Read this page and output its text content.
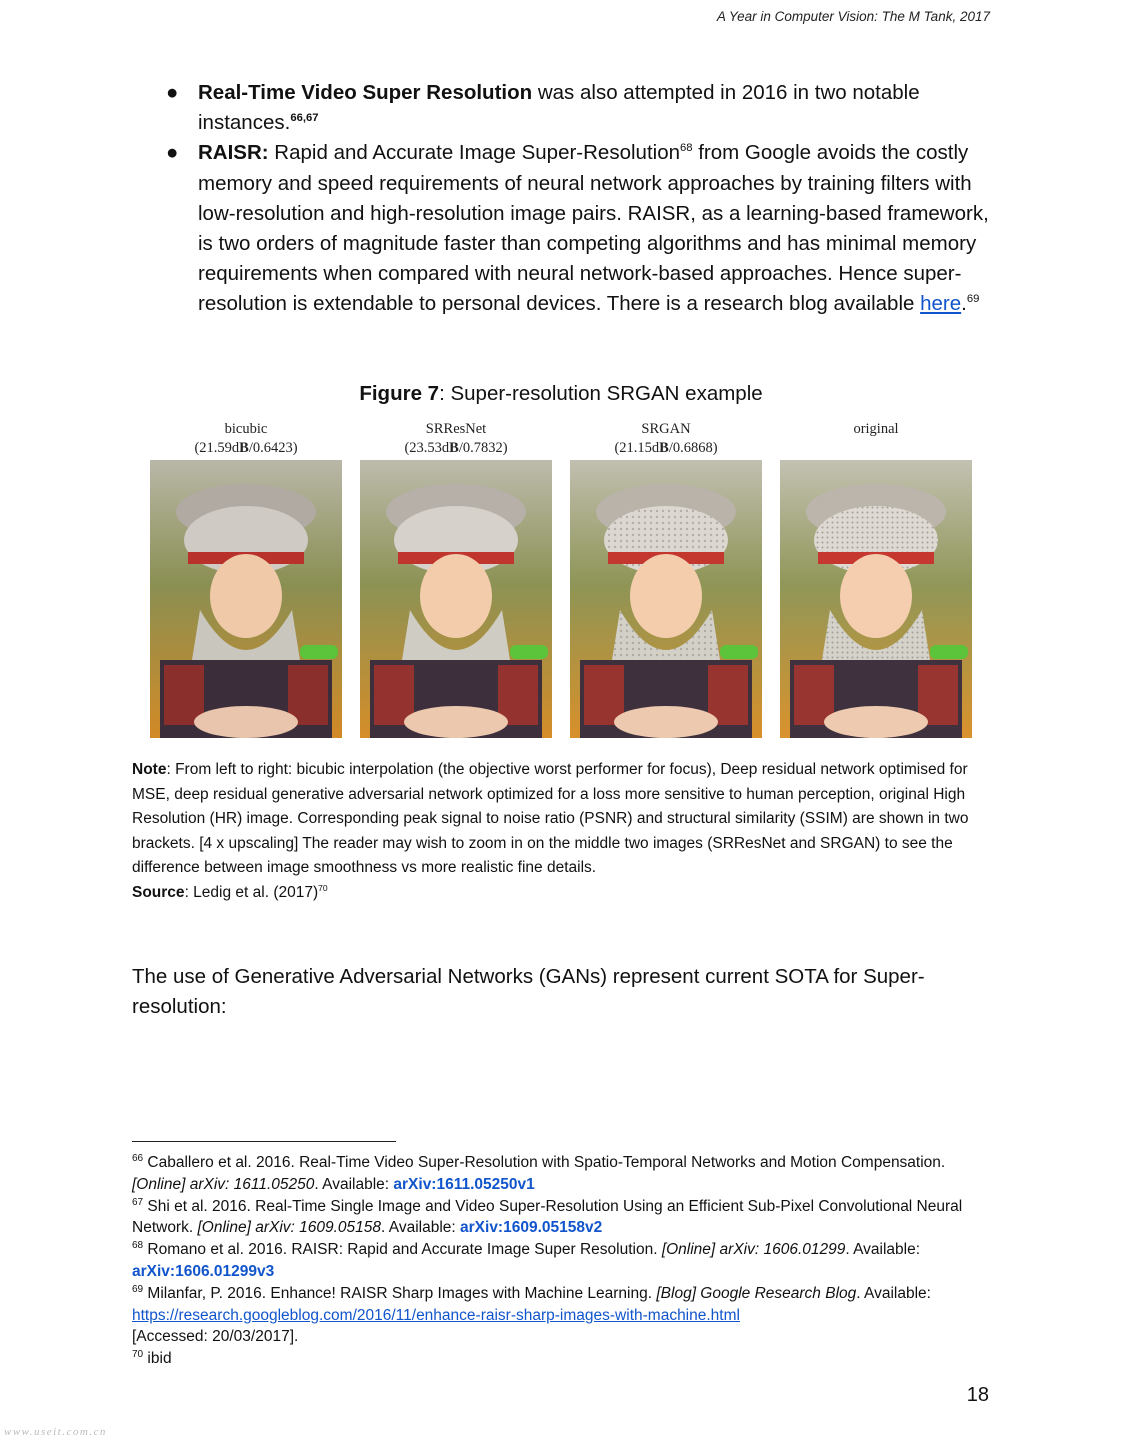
A Year in Computer Vision: The M Tank, 2017
● Real-Time Video Super Resolution was also attempted in 2016 in two notable instances.$^{66,67}$
● RAISR: Rapid and Accurate Image Super-Resolution$^{68}$ from Google avoids the costly memory and speed requirements of neural network approaches by training filters with low-resolution and high-resolution image pairs. RAISR, as a learning-based framework, is two orders of magnitude faster than competing algorithms and has minimal memory requirements when compared with neural network-based approaches. Hence super-resolution is extendable to personal devices. There is a research blog available here.$^{69}$
Figure 7: Super-resolution SRGAN example
bicubic
(21.59dB/0.6423)
SRResNet
(23.53dB/0.7832)
SRGAN
(21.15dB/0.6868)
original
Note: From left to right: bicubic interpolation (the objective worst performer for focus), Deep residual network optimised for MSE, deep residual generative adversarial network optimized for a loss more sensitive to human perception, original High Resolution (HR) image. Corresponding peak signal to noise ratio (PSNR) and structural similarity (SSIM) are shown in two brackets. [4 x upscaling] The reader may wish to zoom in on the middle two images (SRResNet and SRGAN) to see the difference between image smoothness vs more realistic fine details.
Source: Ledig et al. $(2017)^{70}$
The use of Generative Adversarial Networks (GANs) represent current SOTA for Super-resolution:
$^{66}$ Caballero et al. 2016. Real-Time Video Super-Resolution with Spatio-Temporal Networks and Motion Compensation. [Online] arXiv: 1611.05250. Available: arXiv:1611.05250v1
$^{67}$ Shi et al. 2016. Real-Time Single Image and Video Super-Resolution Using an Efficient Sub-Pixel Convolutional Neural Network. [Online] arXiv: 1609.05158. Available: arXiv:1609.05158v2
$^{68}$ Romano et al. 2016. RAISR: Rapid and Accurate Image Super Resolution. [Online] arXiv: 1606.01299. Available: arXiv:1606.01299v3
$^{69}$ Milanfar, P. 2016. Enhance! RAISR Sharp Images with Machine Learning. [Blog] Google Research Blog. Available: https://research.googleblog.com/2016/11/enhance-raisr-sharp-images-with-machine.html
[Accessed: 20/03/2017].
$^{70}$ ibid
18
www.useit.com.cn
